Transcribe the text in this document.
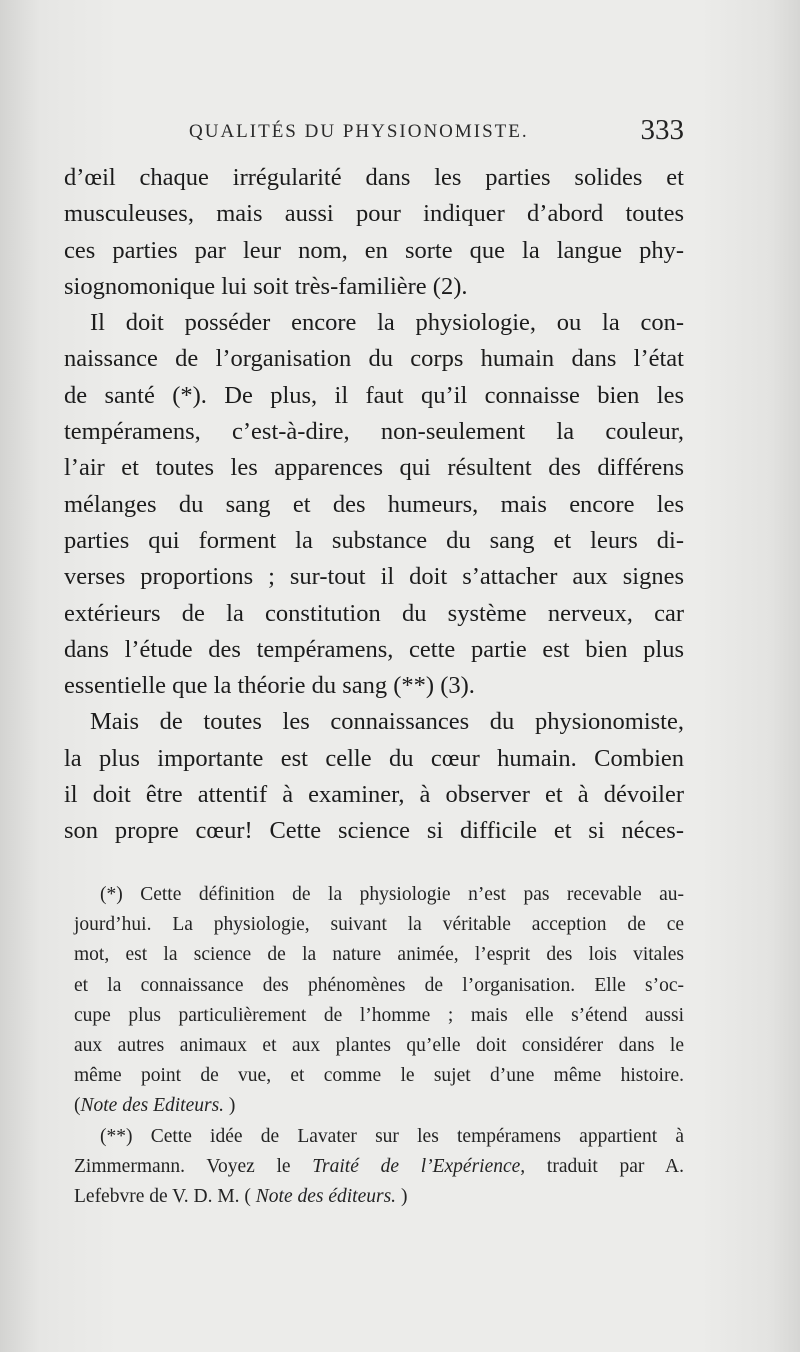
QUALITÉS DU PHYSIONOMISTE.	333
d’œil chaque irrégularité dans les parties solides et
musculeuses, mais aussi pour indiquer d’abord toutes
ces parties par leur nom, en sorte que la langue phy-
siognomonique lui soit très-familière (2).
Il doit posséder encore la physiologie, ou la con-
naissance de l’organisation du corps humain dans l’état
de santé (*). De plus, il faut qu’il connaisse bien les
tempéramens, c’est-à-dire, non-seulement la couleur,
l’air et toutes les apparences qui résultent des différens
mélanges du sang et des humeurs, mais encore les
parties qui forment la substance du sang et leurs di-
verses proportions ; sur-tout il doit s’attacher aux signes
extérieurs de la constitution du système nerveux, car
dans l’étude des tempéramens, cette partie est bien plus
essentielle que la théorie du sang (**) (3).
Mais de toutes les connaissances du physionomiste,
la plus importante est celle du cœur humain. Combien
il doit être attentif à examiner, à observer et à dévoiler
son propre cœur! Cette science si difficile et si néces-
(*) Cette définition de la physiologie n’est pas recevable au-
jourd’hui. La physiologie, suivant la véritable acception de ce
mot, est la science de la nature animée, l’esprit des lois vitales
et la connaissance des phénomènes de l’organisation. Elle s’oc-
cupe plus particulièrement de l’homme ; mais elle s’étend aussi
aux autres animaux et aux plantes qu’elle doit considérer dans le
même point de vue, et comme le sujet d’une même histoire.
(Note des Editeurs. )
(**) Cette idée de Lavater sur les tempéramens appartient à
Zimmermann. Voyez le Traité de l’Expérience, traduit par A.
Lefebvre de V. D. M. ( Note des éditeurs. )
